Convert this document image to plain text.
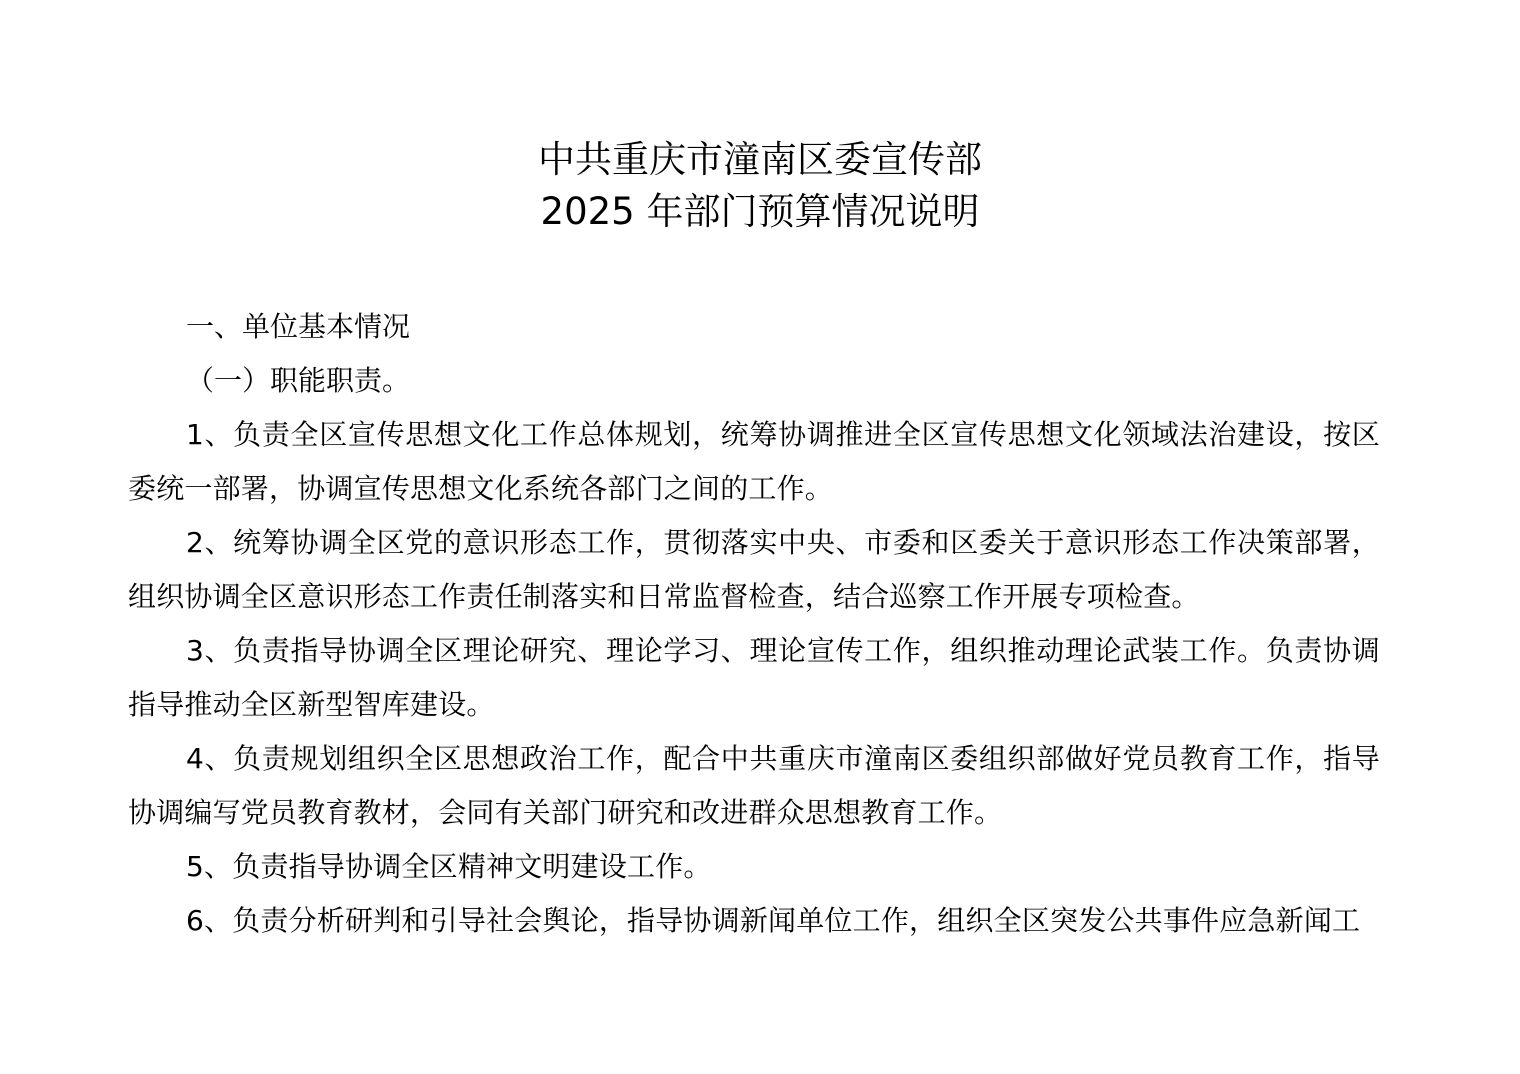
中共重庆市潼南区委宣传部
2025 年部门预算情况说明

一、单位基本情况

（一）职能职责。

1、负责全区宣传思想文化工作总体规划，统筹协调推进全区宣传思想文化领域法治建设，按区委统一部署，协调宣传思想文化系统各部门之间的工作。

2、统筹协调全区党的意识形态工作，贯彻落实中央、市委和区委关于意识形态工作决策部署，组织协调全区意识形态工作责任制落实和日常监督检查，结合巡察工作开展专项检查。

3、负责指导协调全区理论研究、理论学习、理论宣传工作，组织推动理论武装工作。负责协调指导推动全区新型智库建设。

4、负责规划组织全区思想政治工作，配合中共重庆市潼南区委组织部做好党员教育工作，指导协调编写党员教育教材，会同有关部门研究和改进群众思想教育工作。

5、负责指导协调全区精神文明建设工作。

6、负责分析研判和引导社会舆论，指导协调新闻单位工作，组织全区突发公共事件应急新闻工
